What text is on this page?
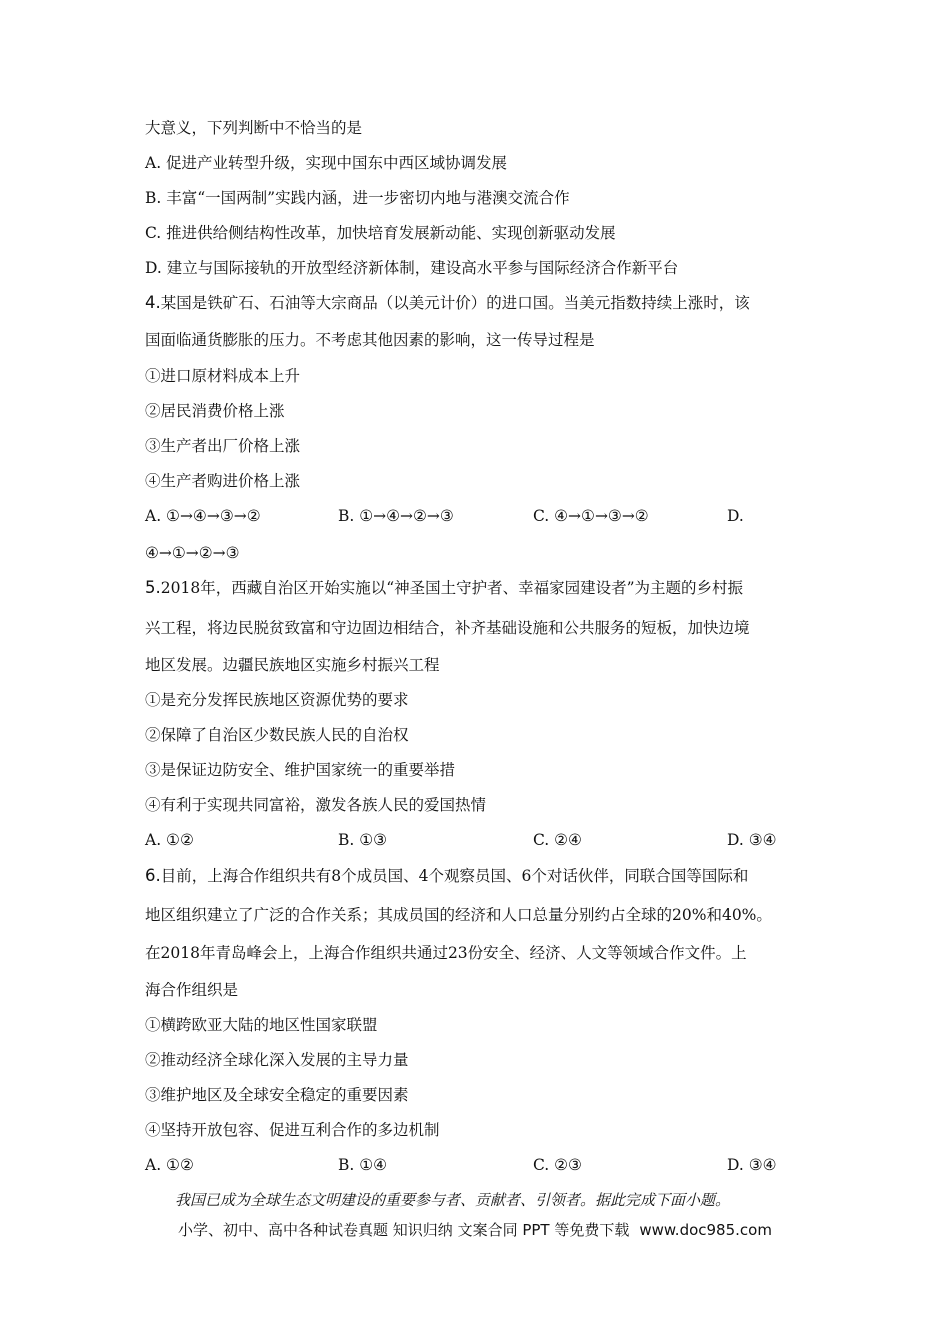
大意义，下列判断中不恰当的是
A. 促进产业转型升级，实现中国东中西区域协调发展
B. 丰富“一国两制”实践内涵，进一步密切内地与港澳交流合作
C. 推进供给侧结构性改革，加快培育发展新动能、实现创新驱动发展
D. 建立与国际接轨的开放型经济新体制，建设高水平参与国际经济合作新平台
4.某国是铁矿石、石油等大宗商品（以美元计价）的进口国。当美元指数持续上涨时，该
国面临通货膨胀的压力。不考虑其他因素的影响，这一传导过程是
①进口原材料成本上升
②居民消费价格上涨
③生产者出厂价格上涨
④生产者购进价格上涨
A. ①→④→③→②	B. ①→④→②→③	C. ④→①→③→②	D.
④→①→②→③
5.2018年，西藏自治区开始实施以“神圣国土守护者、幸福家园建设者”为主题的乡村振
兴工程，将边民脱贫致富和守边固边相结合，补齐基础设施和公共服务的短板，加快边境
地区发展。边疆民族地区实施乡村振兴工程
①是充分发挥民族地区资源优势的要求
②保障了自治区少数民族人民的自治权
③是保证边防安全、维护国家统一的重要举措
④有利于实现共同富裕，激发各族人民的爱国热情
A. ①②	B. ①③	C. ②④	D. ③④
6.目前，上海合作组织共有8个成员国、4个观察员国、6个对话伙伴，同联合国等国际和
地区组织建立了广泛的合作关系；其成员国的经济和人口总量分别约占全球的20%和40%。
在2018年青岛峰会上，上海合作组织共通过23份安全、经济、人文等领域合作文件。上
海合作组织是
①横跨欧亚大陆的地区性国家联盟
②推动经济全球化深入发展的主导力量
③维护地区及全球安全稳定的重要因素
④坚持开放包容、促进互利合作的多边机制
A. ①②	B. ①④	C. ②③	D. ③④
我国已成为全球生态文明建设的重要参与者、贡献者、引领者。据此完成下面小题。
小学、初中、高中各种试卷真题 知识归纳 文案合同 PPT 等免费下载 www.doc985.com
